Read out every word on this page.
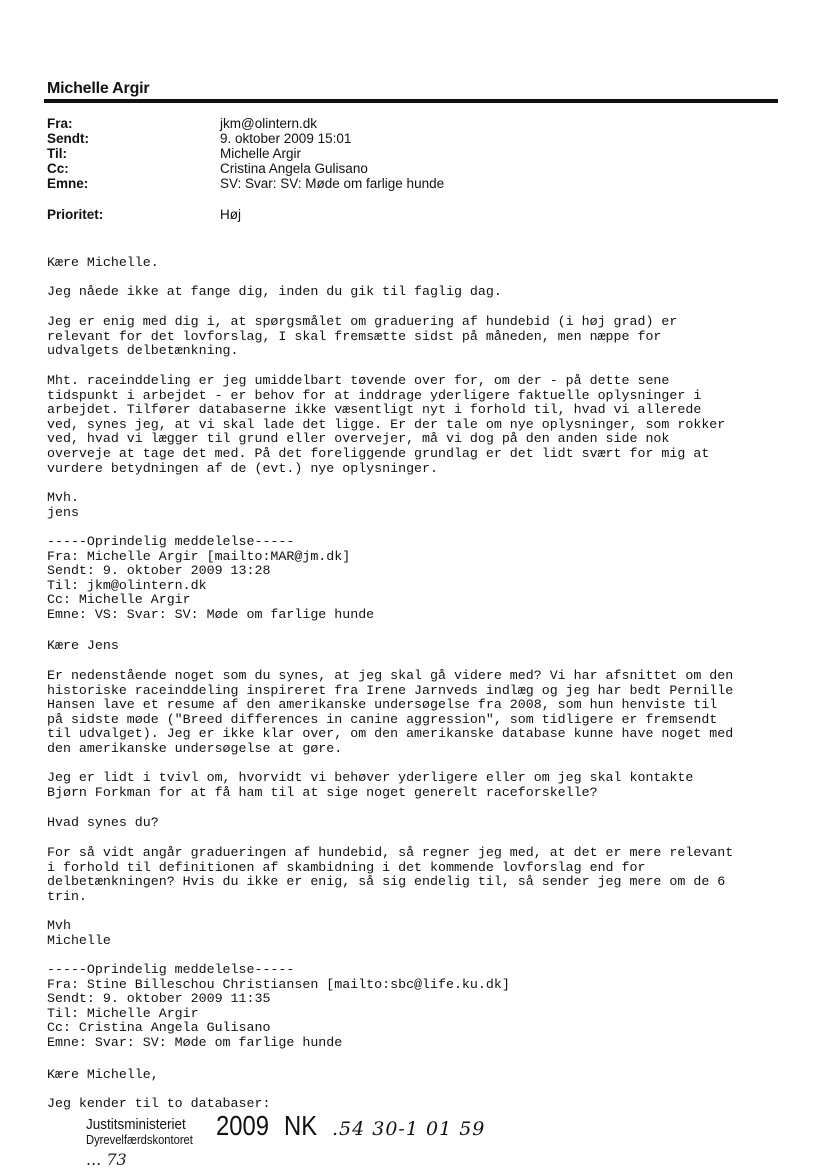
Michelle Argir
Fra:	jkm@olintern.dk
Sendt:	9. oktober 2009 15:01
Til:	Michelle Argir
Cc:	Cristina Angela Gulisano
Emne:	SV: Svar: SV: Møde om farlige hunde
Prioritet:	Høj
Kære Michelle.
Jeg nåede ikke at fange dig, inden du gik til faglig dag.
Jeg er enig med dig i, at spørgsmålet om graduering af hundebid (i høj grad) er
relevant for det lovforslag, I skal fremsætte sidst på måneden, men næppe for
udvalgets delbetænkning.
Mht. raceinddeling er jeg umiddelbart tøvende over for, om der - på dette sene
tidspunkt i arbejdet - er behov for at inddrage yderligere faktuelle oplysninger i
arbejdet. Tilfører databaserne ikke væsentligt nyt i forhold til, hvad vi allerede
ved, synes jeg, at vi skal lade det ligge. Er der tale om nye oplysninger, som rokker
ved, hvad vi lægger til grund eller overvejer, må vi dog på den anden side nok
overveje at tage det med. På det foreliggende grundlag er det lidt svært for mig at
vurdere betydningen af de (evt.) nye oplysninger.
Mvh.
jens
-----Oprindelig meddelelse-----
Fra: Michelle Argir [mailto:MAR@jm.dk]
Sendt: 9. oktober 2009 13:28
Til: jkm@olintern.dk
Cc: Michelle Argir
Emne: VS: Svar: SV: Møde om farlige hunde
Kære Jens
Er nedenstående noget som du synes, at jeg skal gå videre med? Vi har afsnittet om den
historiske raceinddeling inspireret fra Irene Jarnveds indlæg og jeg har bedt Pernille
Hansen lave et resume af den amerikanske undersøgelse fra 2008, som hun henviste til
på sidste møde ("Breed differences in canine aggression", som tidligere er fremsendt
til udvalget). Jeg er ikke klar over, om den amerikanske database kunne have noget med
den amerikanske undersøgelse at gøre.
Jeg er lidt i tvivl om, hvorvidt vi behøver yderligere eller om jeg skal kontakte
Bjørn Forkman for at få ham til at sige noget generelt raceforskelle?
Hvad synes du?
For så vidt angår gradueringen af hundebid, så regner jeg med, at det er mere relevant
i forhold til definitionen af skambidning i det kommende lovforslag end for
delbetænkningen? Hvis du ikke er enig, så sig endelig til, så sender jeg mere om de 6
trin.
Mvh
Michelle
-----Oprindelig meddelelse-----
Fra: Stine Billeschou Christiansen [mailto:sbc@life.ku.dk]
Sendt: 9. oktober 2009 11:35
Til: Michelle Argir
Cc: Cristina Angela Gulisano
Emne: Svar: SV: Møde om farlige hunde
Kære Michelle,
Jeg kender til to databaser:
Justitsministeriet
Dyrevelfærdskontoret 2009 NK .54 30-1 01 59
... 73
